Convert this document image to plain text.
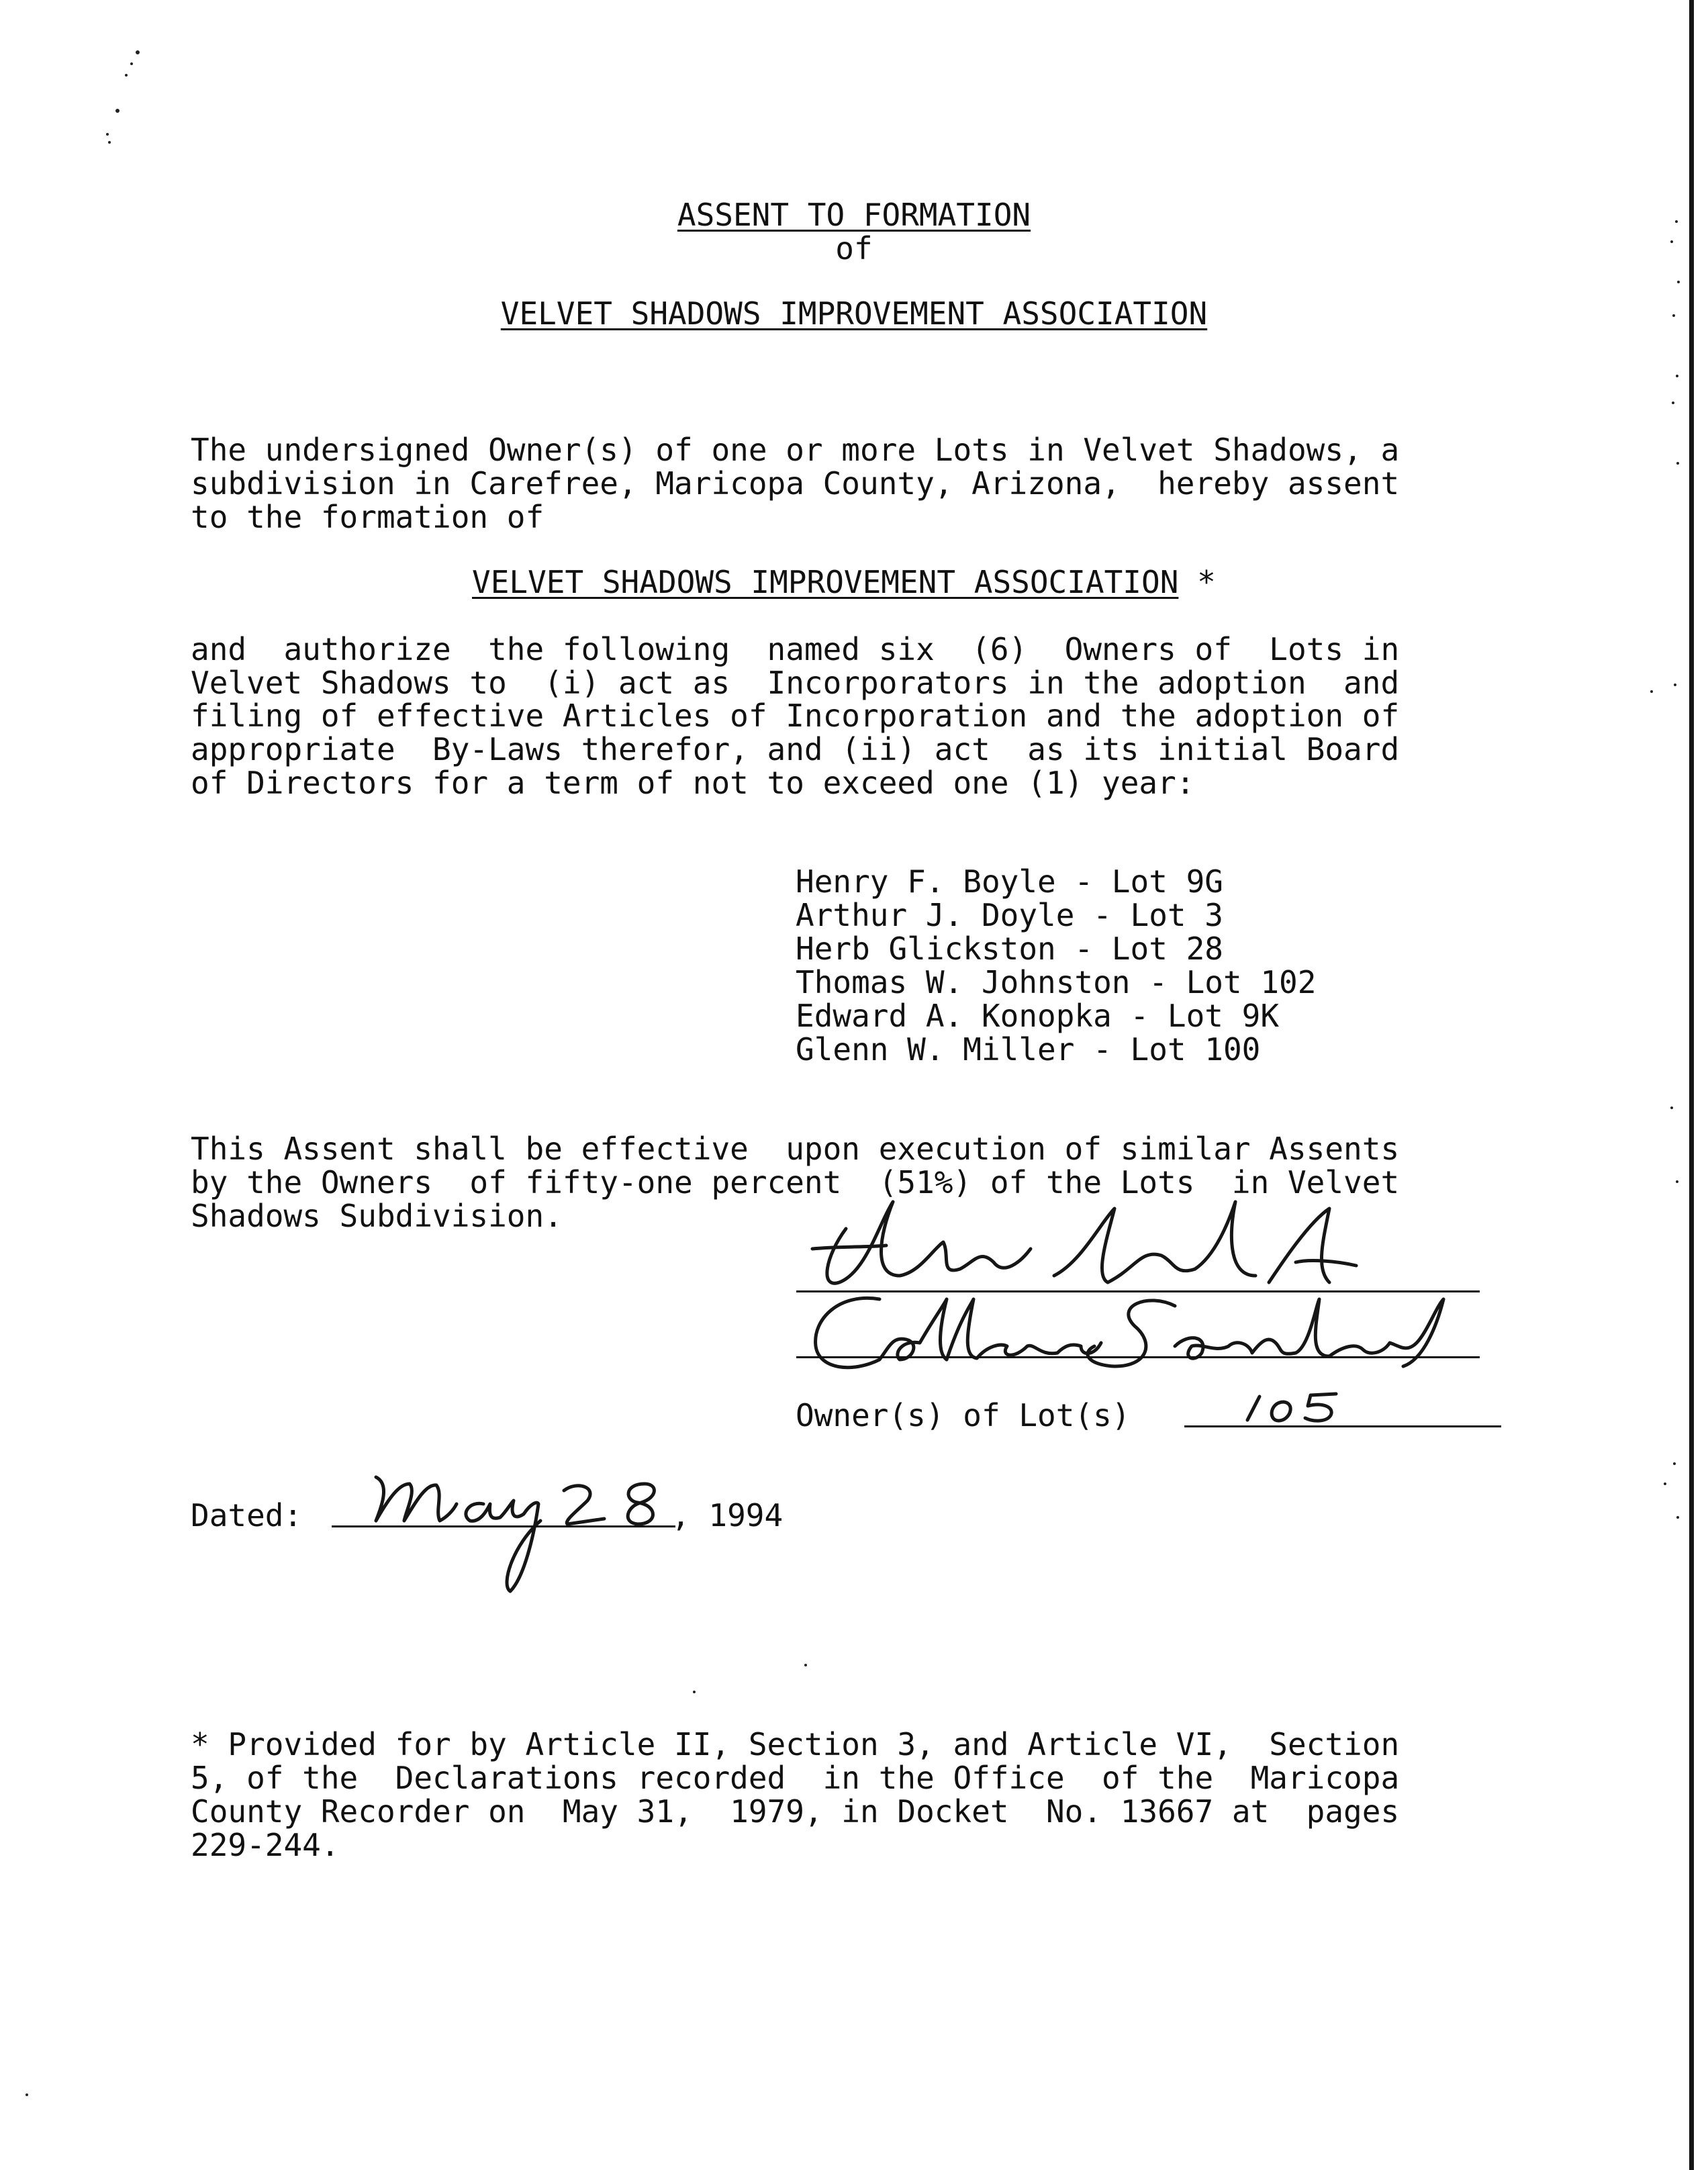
ASSENT TO FORMATION

of

VELVET SHADOWS IMPROVEMENT ASSOCIATION

The undersigned Owner(s) of one or more Lots in Velvet Shadows, a

subdivision in Carefree, Maricopa County, Arizona,  hereby assent

to the formation of

VELVET SHADOWS IMPROVEMENT ASSOCIATION *

and  authorize  the following  named six  (6)  Owners of  Lots in

Velvet Shadows to  (i) act as  Incorporators in the adoption  and

filing of effective Articles of Incorporation and the adoption of

appropriate  By-Laws therefor, and (ii) act  as its initial Board

of Directors for a term of not to exceed one (1) year:

Henry F. Boyle - Lot 9G

Arthur J. Doyle - Lot 3

Herb Glickston - Lot 28

Thomas W. Johnston - Lot 102

Edward A. Konopka - Lot 9K

Glenn W. Miller - Lot 100

This Assent shall be effective  upon execution of similar Assents

by the Owners  of fifty-one percent  (51%) of the Lots  in Velvet

Shadows Subdivision.

Owner(s) of Lot(s)

Dated:	, 1994

* Provided for by Article II, Section 3, and Article VI,  Section

5, of the  Declarations recorded  in the Office  of the  Maricopa

County Recorder on  May 31,  1979, in Docket  No. 13667 at  pages

229-244.
